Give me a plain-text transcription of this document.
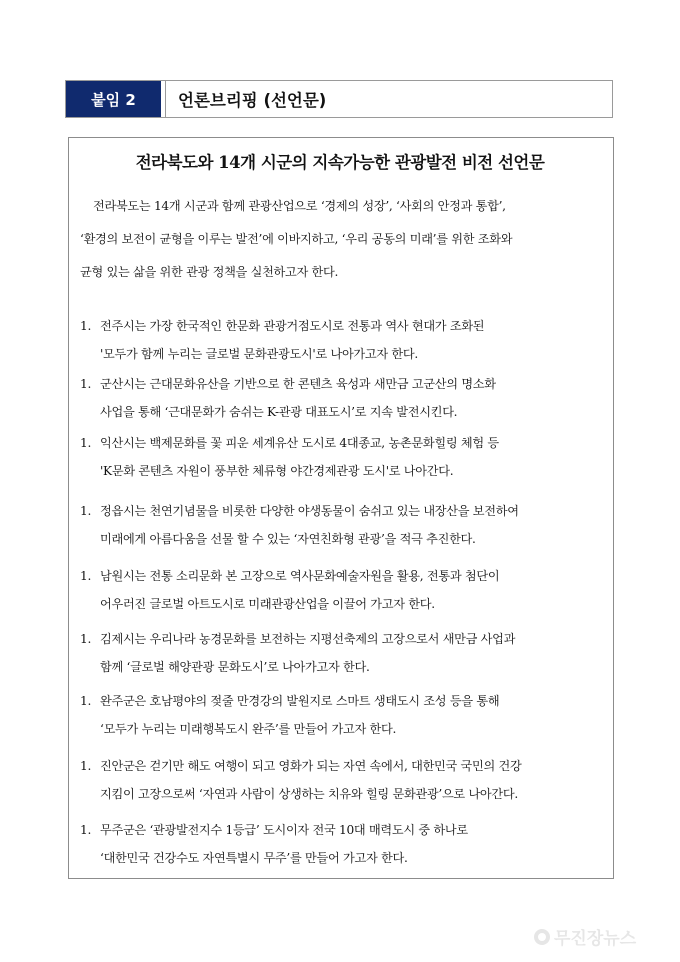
붙임 2	언론브리핑 (선언문)
전라북도와 14개 시군의 지속가능한 관광발전 비전 선언문
전라북도는 14개 시군과 함께 관광산업으로 ‘경제의 성장’, ‘사회의 안정과 통합’,
‘환경의 보전이 균형을 이루는 발전’에 이바지하고, ‘우리 공동의 미래’를 위한 조화와
균형 있는 삶을 위한 관광 정책을 실천하고자 한다.
1. 전주시는 가장 한국적인 한문화 관광거점도시로 전통과 역사 현대가 조화된
'모두가 함께 누리는 글로벌 문화관광도시'로 나아가고자 한다.
1. 군산시는 근대문화유산을 기반으로 한 콘텐츠 육성과 새만금 고군산의 명소화
사업을 통해 ‘근대문화가 숨쉬는 K-관광 대표도시’로 지속 발전시킨다.
1. 익산시는 백제문화를 꽃 피운 세계유산 도시로 4대종교, 농촌문화힐링 체험 등
'K문화 콘텐츠 자원이 풍부한 체류형 야간경제관광 도시'로 나아간다.
1. 정읍시는 천연기념물을 비롯한 다양한 야생동물이 숨쉬고 있는 내장산을 보전하여
미래에게 아름다움을 선물 할 수 있는 ‘자연친화형 관광’을 적극 추진한다.
1. 남원시는 전통 소리문화 본 고장으로 역사문화예술자원을 활용, 전통과 첨단이
어우러진 글로벌 아트도시로 미래관광산업을 이끌어 가고자 한다.
1. 김제시는 우리나라 농경문화를 보전하는 지평선축제의 고장으로서 새만금 사업과
함께 ‘글로벌 해양관광 문화도시’로 나아가고자 한다.
1. 완주군은 호남평야의 젖줄 만경강의 발원지로 스마트 생태도시 조성 등을 통해
‘모두가 누리는 미래행복도시 완주’를 만들어 가고자 한다.
1. 진안군은 걷기만 해도 여행이 되고 영화가 되는 자연 속에서, 대한민국 국민의 건강
지킴이 고장으로써 ‘자연과 사람이 상생하는 치유와 힐링 문화관광’으로 나아간다.
1. 무주군은 ‘관광발전지수 1등급’ 도시이자 전국 10대 매력도시 중 하나로
‘대한민국 건강수도 자연특별시 무주’를 만들어 가고자 한다.
무진장뉴스
